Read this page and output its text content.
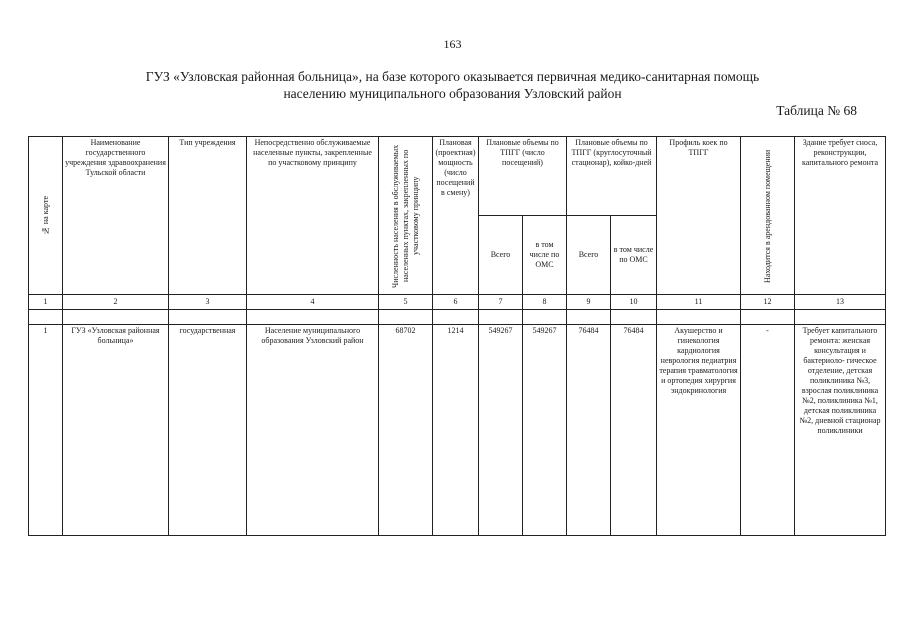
163
ГУЗ «Узловская районная больница», на базе которого оказывается первичная медико-санитарная помощь
населению муниципального образования Узловский район
Таблица № 68
№ на карте	Наименование государственного учреждения здравоохранения Тульской области	Тип учреждения	Непосредственно обслуживаемые населенные пункты, закрепленные по участковому принципу	Численность населения в обслуживаемых населенных пунктах, закрепленных по участковому принципу	Плановая (проектная) мощность (число посещений в смену)	Плановые объемы по ТПГГ (число посещений)		Плановые объемы по ТПГГ (круглосуточный стационар), койко-дней		Профиль коек по ТПГГ	Находится в арендованном помещении	Здание требует сноса, реконструкции, капитального ремонта
						Всего	в том числе по ОМС	Всего	в том числе по ОМС			
1	2	3	4	5	6	7	8	9	10	11	12	13

1	ГУЗ «Узловская районная больница»	государственная	Население муниципального образования Узловский район	68702	1214	549267	549267	76484	76484	Акушерство и гинекология кардиология неврология педиатрия терапия травматология и ортопедия хирургия эндокринология	-	Требует капитального ремонта: женская консультация и бактериоло- гическое отделение, детская поликлиника №3, взрослая поликлиника №2, поликлиника №1, детская поликлиника №2, дневной стационар поликлиники
